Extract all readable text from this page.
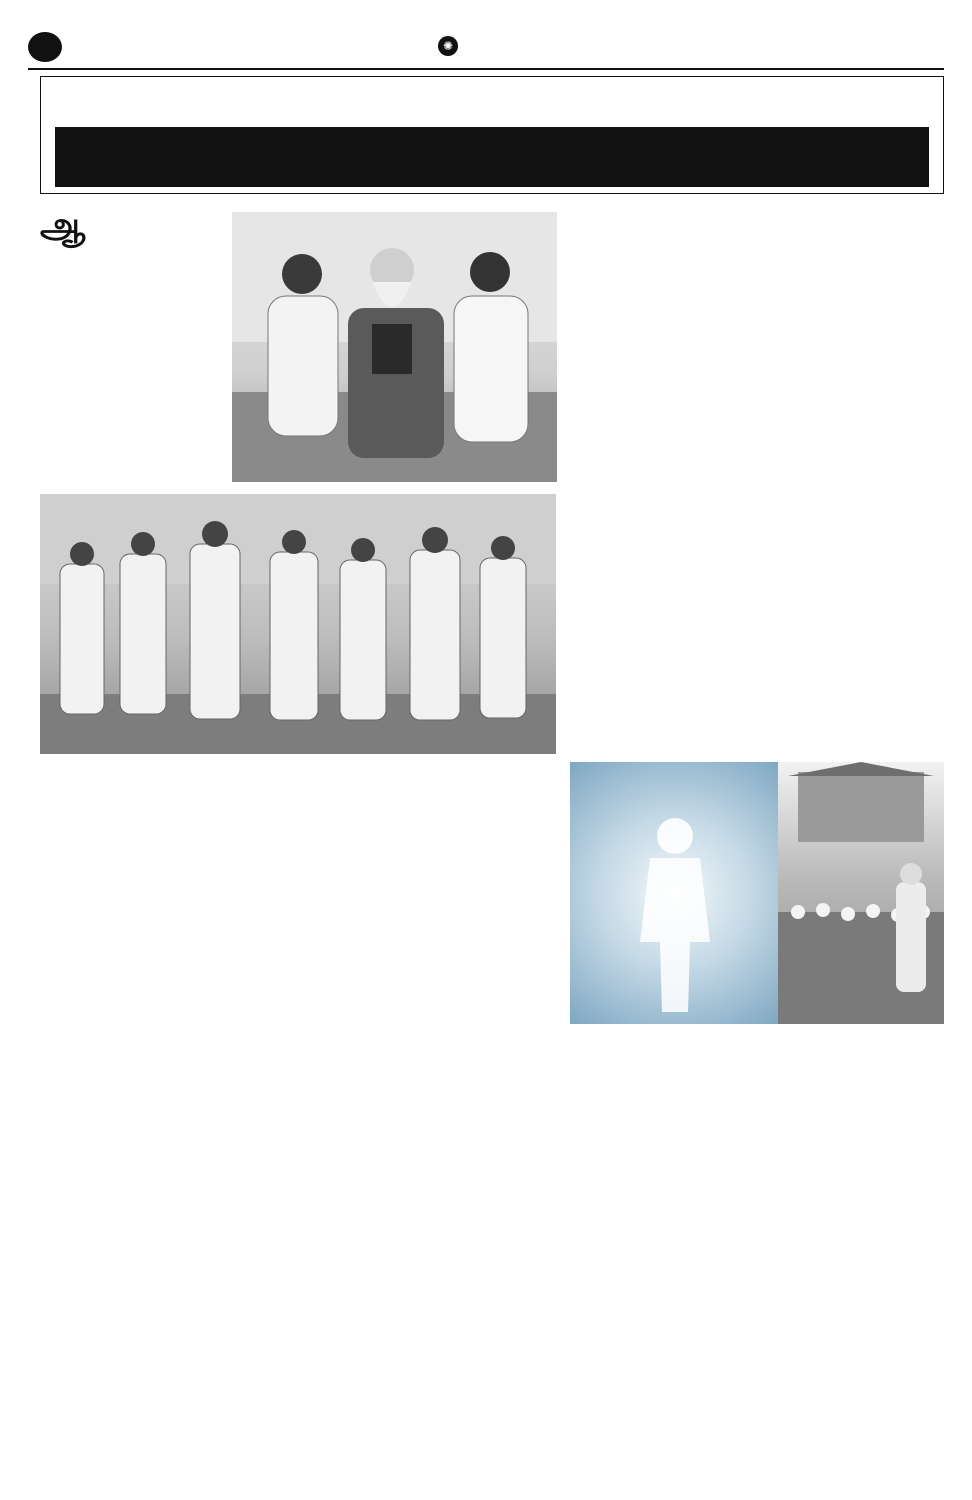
✺

ஆ
